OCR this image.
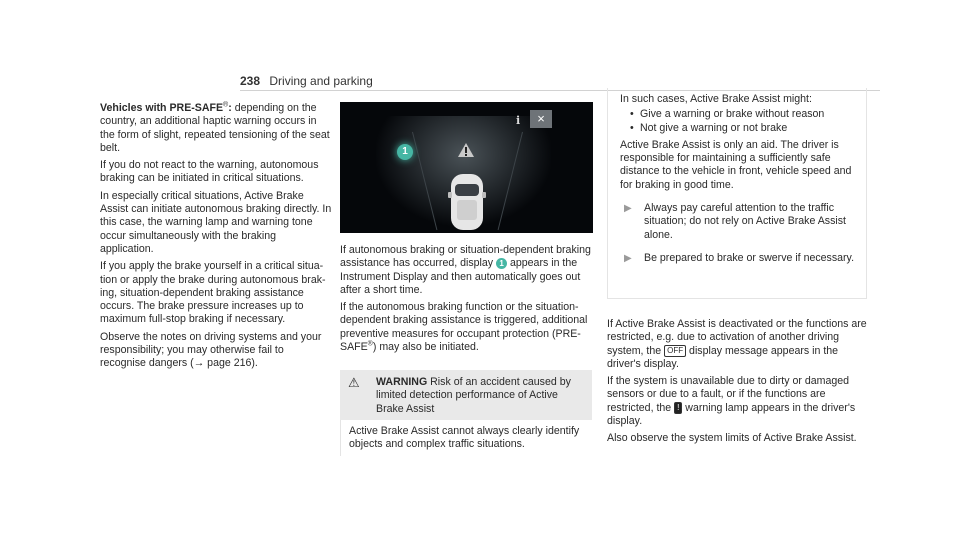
238 Driving and parking

Vehicles with PRE-SAFE®: depending on the country, an additional haptic warning occurs in the form of slight, repeated tensioning of the seat belt.

If you do not react to the warning, autonomous braking can be initiated in critical situations.

In especially critical situations, Active Brake Assist can initiate autonomous braking directly. In this case, the warning lamp and warning tone occur simultaneously with the braking application.

If you apply the brake yourself in a critical situation or apply the brake during autonomous braking, situation-dependent braking assistance occurs. The brake pressure increases up to maximum full-stop braking if necessary.

Observe the notes on driving systems and your responsibility; you may otherwise fail to recognise dangers (→ page 216).

i	×
1

If autonomous braking or situation-dependent braking assistance has occurred, display 1 appears in the Instrument Display and then automatically goes out after a short time.

If the autonomous braking function or the situation-dependent braking assistance is triggered, additional preventive measures for occupant protection (PRE-SAFE®) may also be initiated.

⚠	WARNING Risk of an accident caused by limited detection performance of Active Brake Assist
Active Brake Assist cannot always clearly identify objects and complex traffic situations.

In such cases, Active Brake Assist might:

• Give a warning or brake without reason
• Not give a warning or not brake

Active Brake Assist is only an aid. The driver is responsible for maintaining a sufficiently safe distance to the vehicle in front, vehicle speed and for braking in good time.

▶ Always pay careful attention to the traffic situation; do not rely on Active Brake Assist alone.
▶ Be prepared to brake or swerve if necessary.

If Active Brake Assist is deactivated or the functions are restricted, e.g. due to activation of another driving system, the OFF display message appears in the driver's display.

If the system is unavailable due to dirty or damaged sensors or due to a fault, or if the functions are restricted, the ! warning lamp appears in the driver's display.

Also observe the system limits of Active Brake Assist.
